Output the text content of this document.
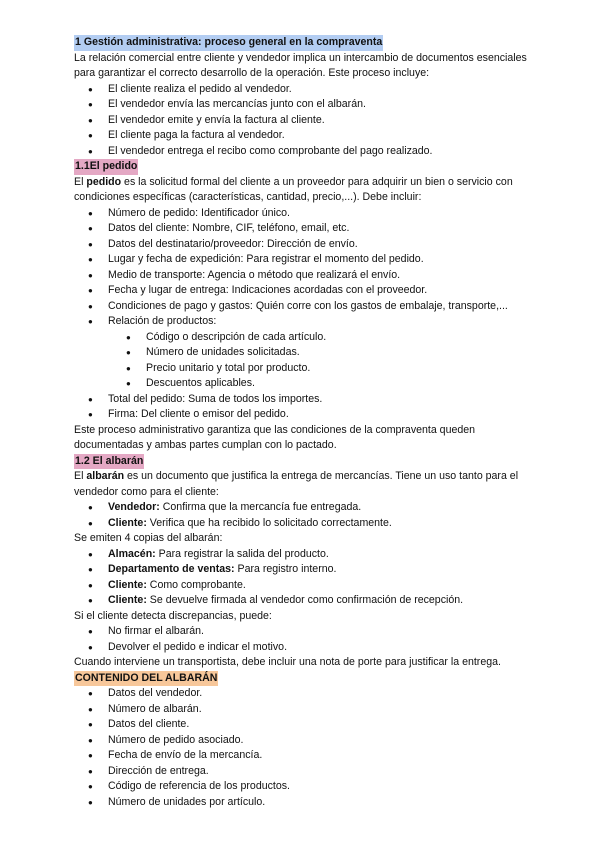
1 Gestión administrativa: proceso general en la compraventa

La relación comercial entre cliente y vendedor implica un intercambio de documentos esenciales para garantizar el correcto desarrollo de la operación. Este proceso incluye:

● El cliente realiza el pedido al vendedor.
● El vendedor envía las mercancías junto con el albarán.
● El vendedor emite y envía la factura al cliente.
● El cliente paga la factura al vendedor.
● El vendedor entrega el recibo como comprobante del pago realizado.
1.1El pedido

El pedido es la solicitud formal del cliente a un proveedor para adquirir un bien o servicio con condiciones específicas (características, cantidad, precio,...). Debe incluir:

● Número de pedido: Identificador único.
● Datos del cliente: Nombre, CIF, teléfono, email, etc.
● Datos del destinatario/proveedor: Dirección de envío.
● Lugar y fecha de expedición: Para registrar el momento del pedido.
● Medio de transporte: Agencia o método que realizará el envío.
● Fecha y lugar de entrega: Indicaciones acordadas con el proveedor.
● Condiciones de pago y gastos: Quién corre con los gastos de embalaje, transporte,...
● Relación de productos:
● Código o descripción de cada artículo.
● Número de unidades solicitadas.
● Precio unitario y total por producto.
● Descuentos aplicables.
● Total del pedido: Suma de todos los importes.
● Firma: Del cliente o emisor del pedido.

Este proceso administrativo garantiza que las condiciones de la compraventa queden documentadas y ambas partes cumplan con lo pactado.

1.2 El albarán

El albarán es un documento que justifica la entrega de mercancías. Tiene un uso tanto para el vendedor como para el cliente:

● Vendedor: Confirma que la mercancía fue entregada.
● Cliente: Verifica que ha recibido lo solicitado correctamente.

Se emiten 4 copias del albarán:

● Almacén: Para registrar la salida del producto.
● Departamento de ventas: Para registro interno.
● Cliente: Como comprobante.
● Cliente: Se devuelve firmada al vendedor como confirmación de recepción.

Si el cliente detecta discrepancias, puede:

● No firmar el albarán.
● Devolver el pedido e indicar el motivo.

Cuando interviene un transportista, debe incluir una nota de porte para justificar la entrega.

CONTENIDO DEL ALBARÁN
● Datos del vendedor.
● Número de albarán.
● Datos del cliente.
● Número de pedido asociado.
● Fecha de envío de la mercancía.
● Dirección de entrega.
● Código de referencia de los productos.
● Número de unidades por artículo.
